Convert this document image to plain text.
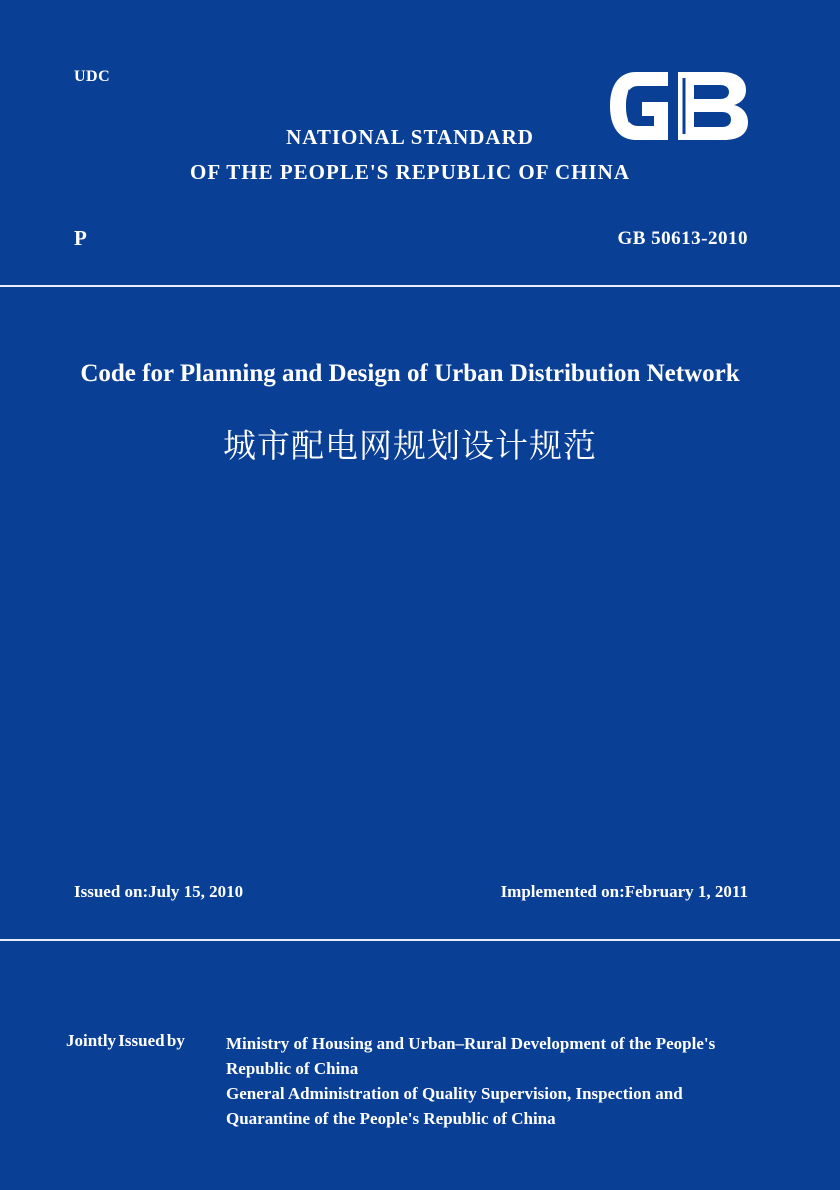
UDC
NATIONAL STANDARD
OF THE PEOPLE'S REPUBLIC OF CHINA
P	GB 50613-2010
Code for Planning and Design of Urban Distribution Network
城市配电网规划设计规范
Issued on:July 15, 2010	Implemented on:February 1, 2011
Jointly Issued by Ministry of Housing and Urban–Rural Development of the People's
Republic of China
General Administration of Quality Supervision, Inspection and
Quarantine of the People's Republic of China
